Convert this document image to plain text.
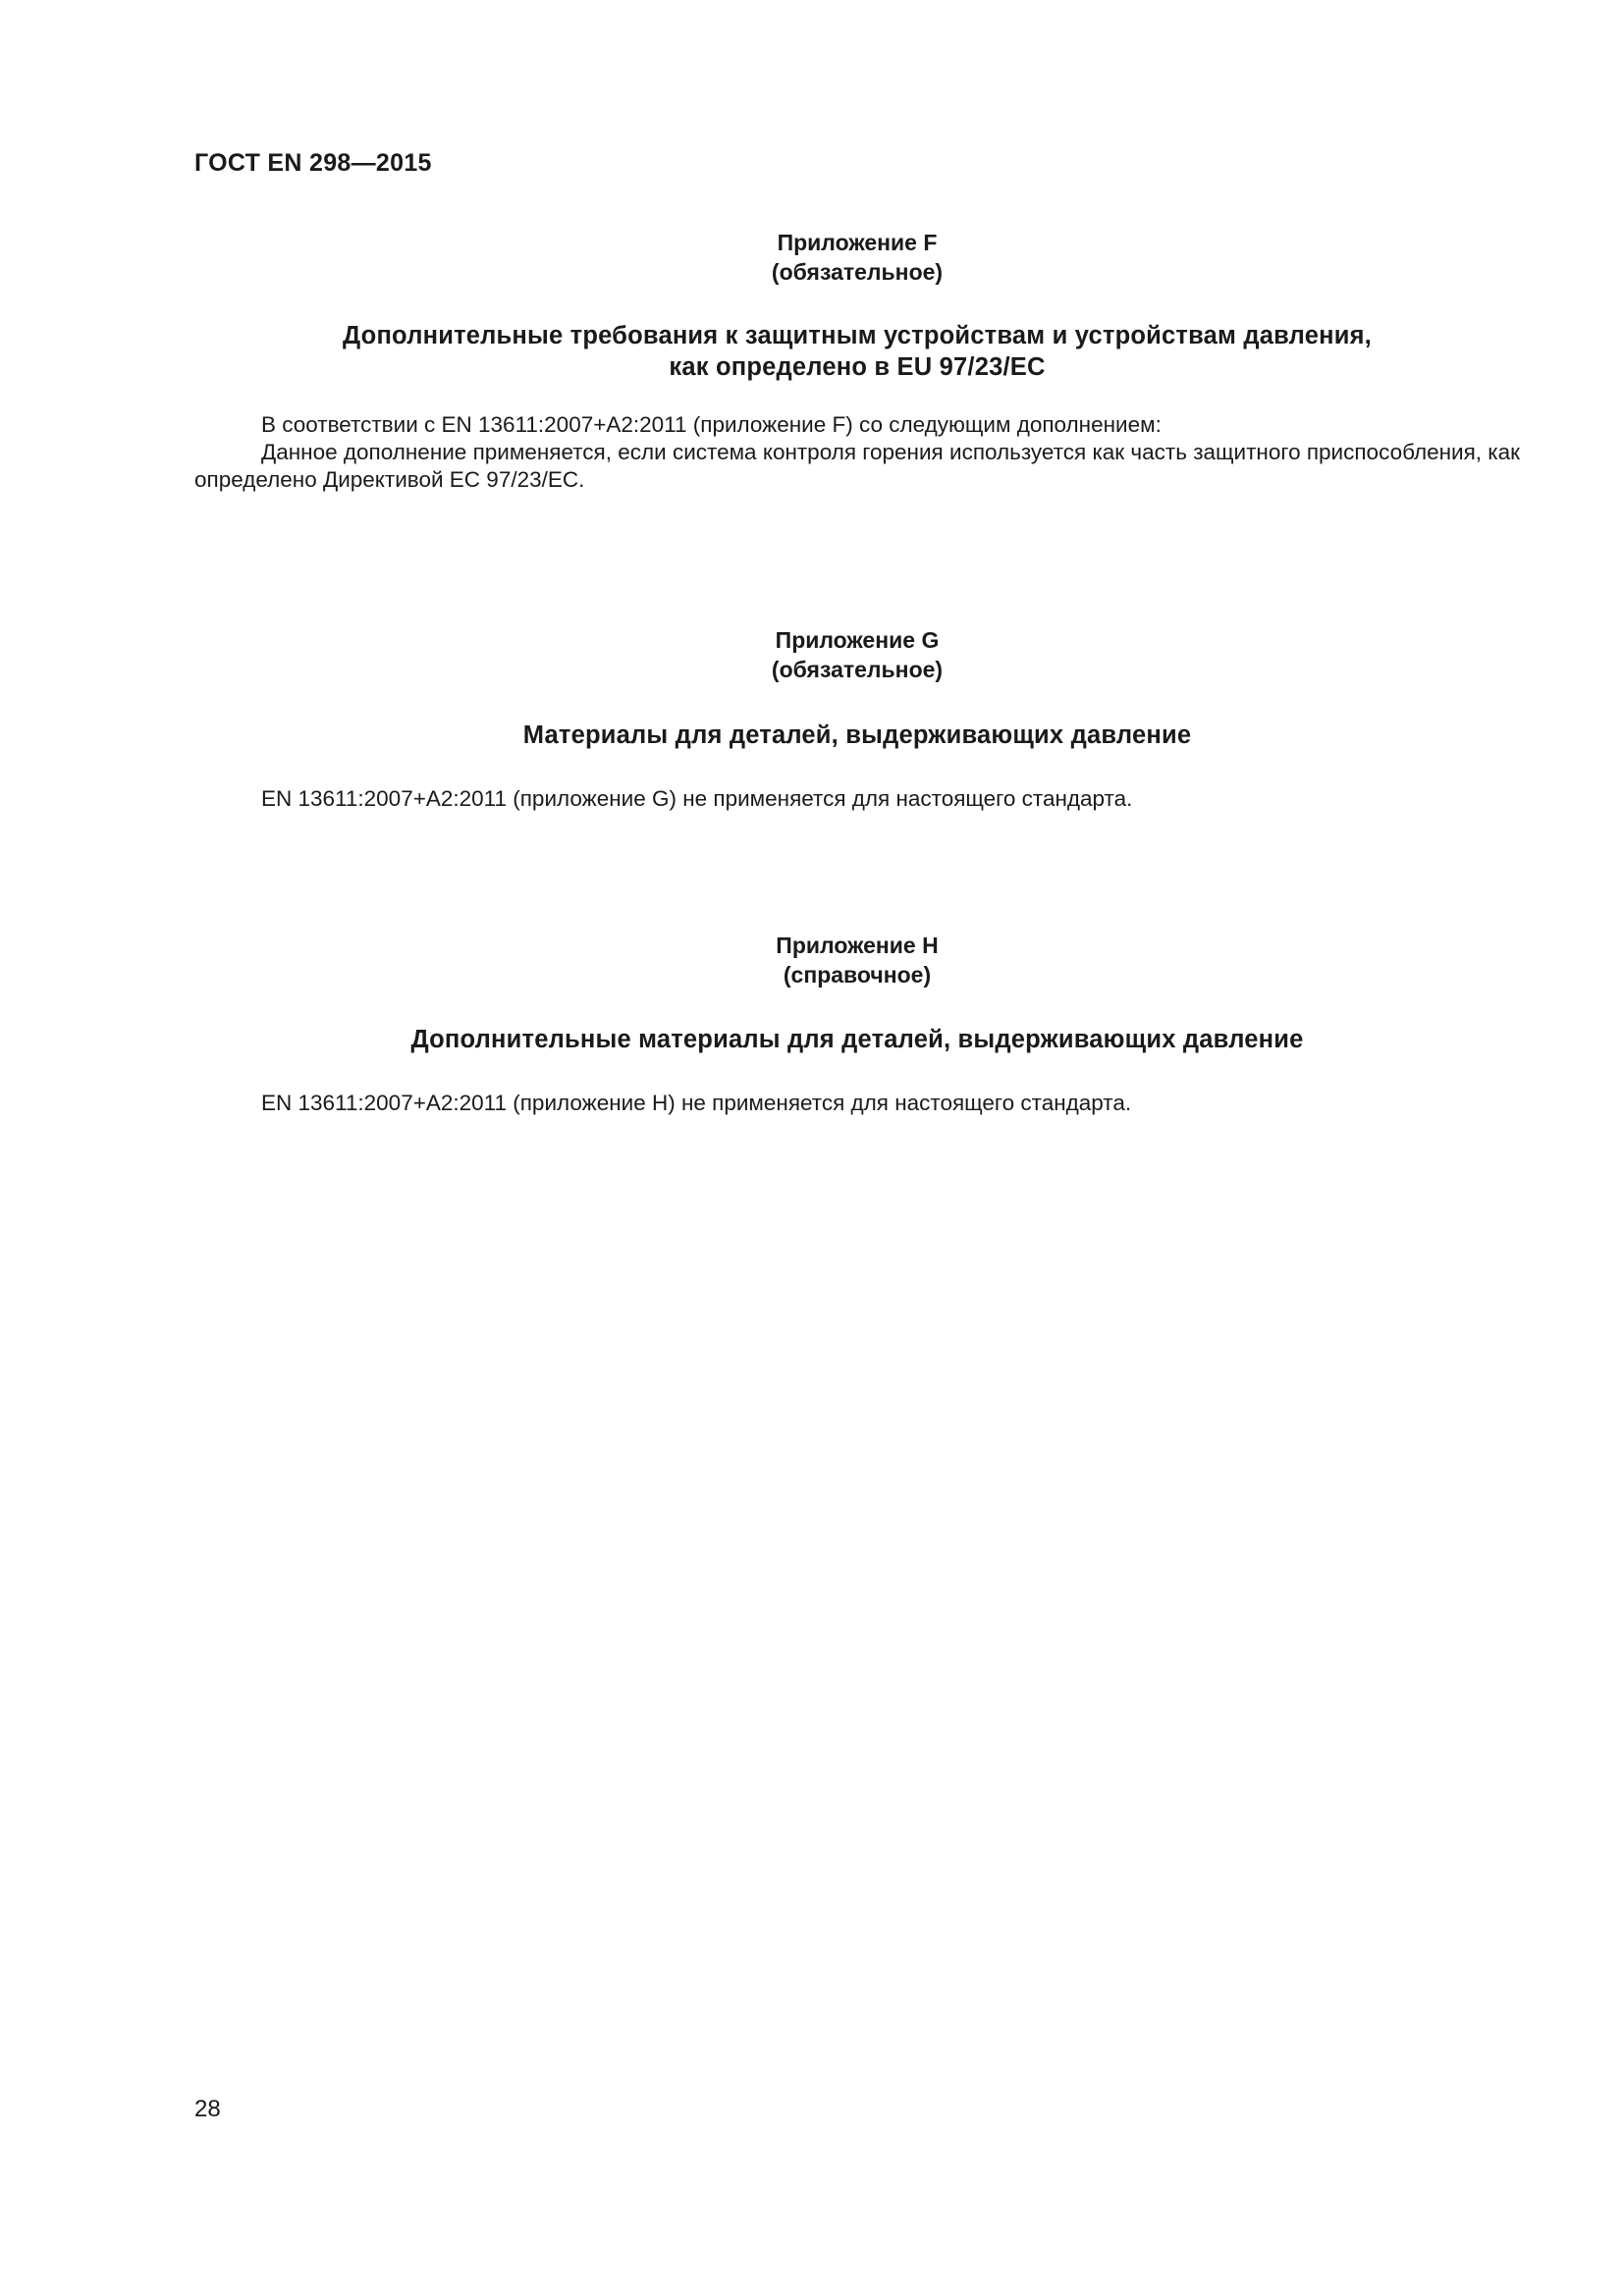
ГОСТ EN 298—2015

Приложение F

(обязательное)

Дополнительные требования к защитным устройствам и устройствам давления,
как определено в EU 97/23/EC

В соответствии с EN 13611:2007+A2:2011 (приложение F) со следующим дополнением:

Данное дополнение применяется, если система контроля горения используется как часть защитного приспособления, как определено Директивой ЕС 97/23/ЕС.

Приложение G

(обязательное)

Материалы для деталей, выдерживающих давление

EN 13611:2007+A2:2011 (приложение G) не применяется для настоящего стандарта.

Приложение H

(справочное)

Дополнительные материалы для деталей, выдерживающих давление

EN 13611:2007+A2:2011 (приложение H) не применяется для настоящего стандарта.

28
